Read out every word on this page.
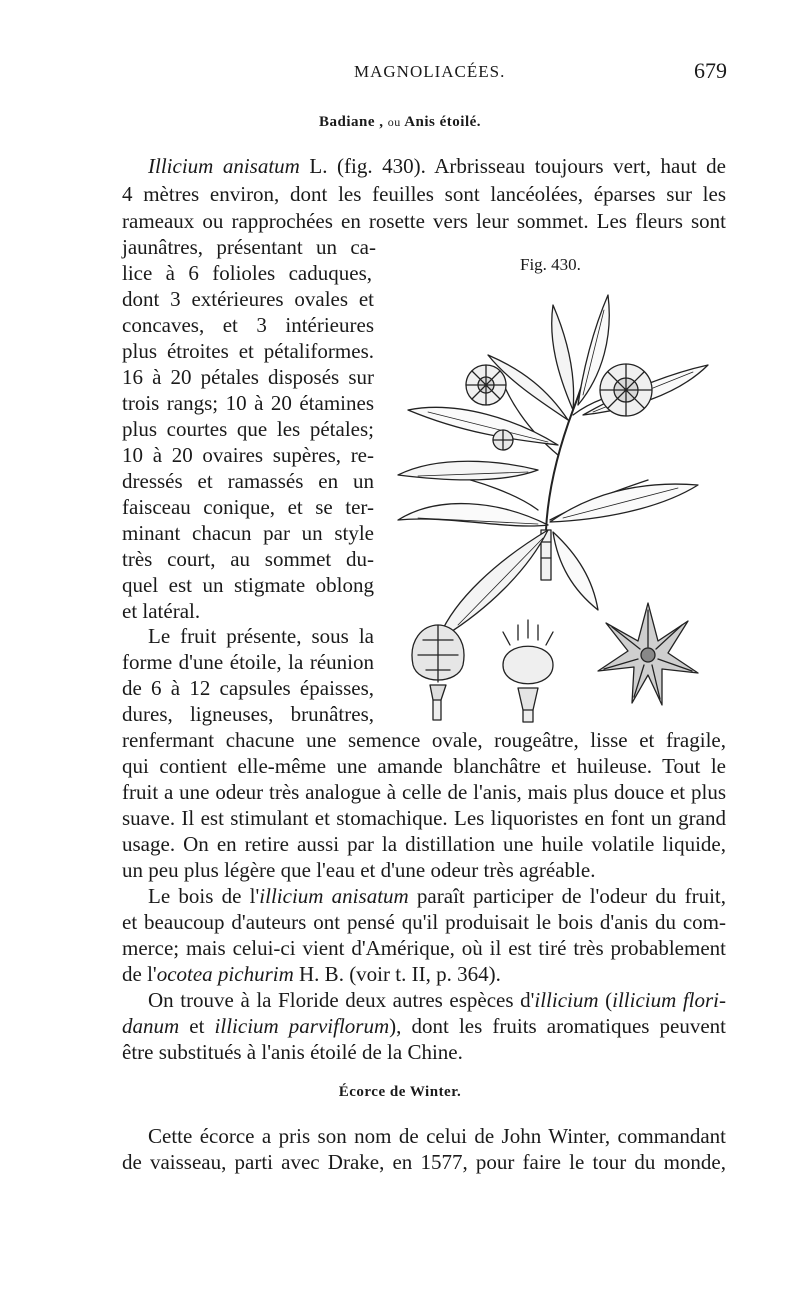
MAGNOLIACÉES.	679
Badiane , ou Anis étoilé.
Illicium anisatum L. (fig. 430). Arbrisseau toujours vert, haut de
4 mètres environ, dont les feuilles sont lancéolées, éparses sur les
rameaux ou rapprochées en rosette vers leur sommet. Les fleurs sont
jaunâtres, présentant un ca-
lice à 6 folioles caduques,
dont 3 extérieures ovales et
concaves, et 3 intérieures
plus étroites et pétaliformes.
16 à 20 pétales disposés sur
trois rangs; 10 à 20 étamines
plus courtes que les pétales;
10 à 20 ovaires supères, re-
dressés et ramassés en un
faisceau conique, et se ter-
minant chacun par un style
très court, au sommet du-
quel est un stigmate oblong
et latéral.
Le fruit présente, sous la
forme d'une étoile, la réunion
de 6 à 12 capsules épaisses,
dures, ligneuses, brunâtres,
renfermant chacune une semence ovale, rougeâtre, lisse et fragile,
qui contient elle-même une amande blanchâtre et huileuse. Tout le
fruit a une odeur très analogue à celle de l'anis, mais plus douce et plus
suave. Il est stimulant et stomachique. Les liquoristes en font un grand
usage. On en retire aussi par la distillation une huile volatile liquide,
un peu plus légère que l'eau et d'une odeur très agréable.
Le bois de l'illicium anisatum paraît participer de l'odeur du fruit,
et beaucoup d'auteurs ont pensé qu'il produisait le bois d'anis du com-
merce; mais celui-ci vient d'Amérique, où il est tiré très probablement
de l'ocotea pichurim H. B. (voir t. II, p. 364).
On trouve à la Floride deux autres espèces d'illicium (illicium flori-
danum et illicium parviflorum), dont les fruits aromatiques peuvent
être substitués à l'anis étoilé de la Chine.
Écorce de Winter.
Cette écorce a pris son nom de celui de John Winter, commandant
de vaisseau, parti avec Drake, en 1577, pour faire le tour du monde,
Fig. 430.
